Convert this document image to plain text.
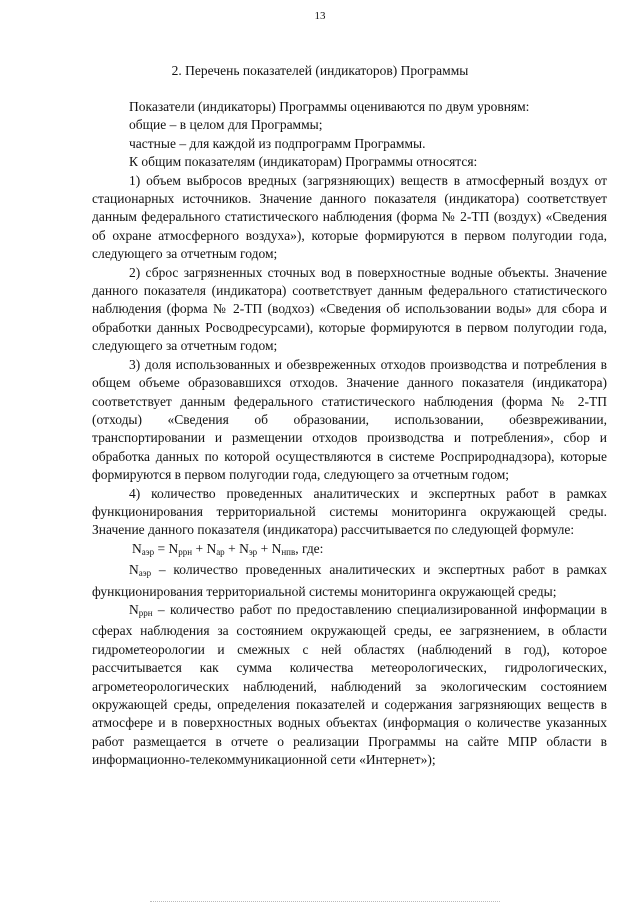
13
2. Перечень показателей (индикаторов) Программы

Показатели (индикаторы) Программы оцениваются по двум уровням:

общие – в целом для Программы;

частные – для каждой из подпрограмм Программы.

К общим показателям (индикаторам) Программы относятся:

1) объем выбросов вредных (загрязняющих) веществ в атмосферный воздух от стационарных источников. Значение данного показателя (индикатора) соответствует данным федерального статистического наблюдения (форма № 2-ТП (воздух) «Сведения об охране атмосферного воздуха»), которые формируются в первом полугодии года, следующего за отчетным годом;

2) сброс загрязненных сточных вод в поверхностные водные объекты. Значение данного показателя (индикатора) соответствует данным федерального статистического наблюдения (форма № 2-ТП (водхоз) «Сведения об использовании воды» для сбора и обработки данных Росводресурсами), которые формируются в первом полугодии года, следующего за отчетным годом;

3) доля использованных и обезвреженных отходов производства и потребления в общем объеме образовавшихся отходов. Значение данного показателя (индикатора) соответствует данным федерального статистического наблюдения (форма № 2-ТП (отходы) «Сведения об образовании, использовании, обезвреживании, транспортировании и размещении отходов производства и потребления», сбор и обработка данных по которой осуществляются в системе Росприроднадзора), которые формируются в первом полугодии года, следующего за отчетным годом;

4) количество проведенных аналитических и экспертных работ в рамках функционирования территориальной системы мониторинга окружающей среды. Значение данного показателя (индикатора) рассчитывается по следующей формуле:

$N_{аэр} = N_{ррн} + N_{ар} + N_{эр} + N_{нпв}$, где:

$N_{аэр}$ – количество проведенных аналитических и экспертных работ в рамках функционирования территориальной системы мониторинга окружающей среды;

$N_{ррн}$ – количество работ по предоставлению специализированной информации в сферах наблюдения за состоянием окружающей среды, ее загрязнением, в области гидрометеорологии и смежных с ней областях (наблюдений в год), которое рассчитывается как сумма количества метеорологических, гидрологических, агрометеорологических наблюдений, наблюдений за экологическим состоянием окружающей среды, определения показателей и содержания загрязняющих веществ в атмосфере и в поверхностных водных объектах (информация о количестве указанных работ размещается в отчете о реализации Программы на сайте МПР области в информационно-телекоммуникационной сети «Интернет»);
